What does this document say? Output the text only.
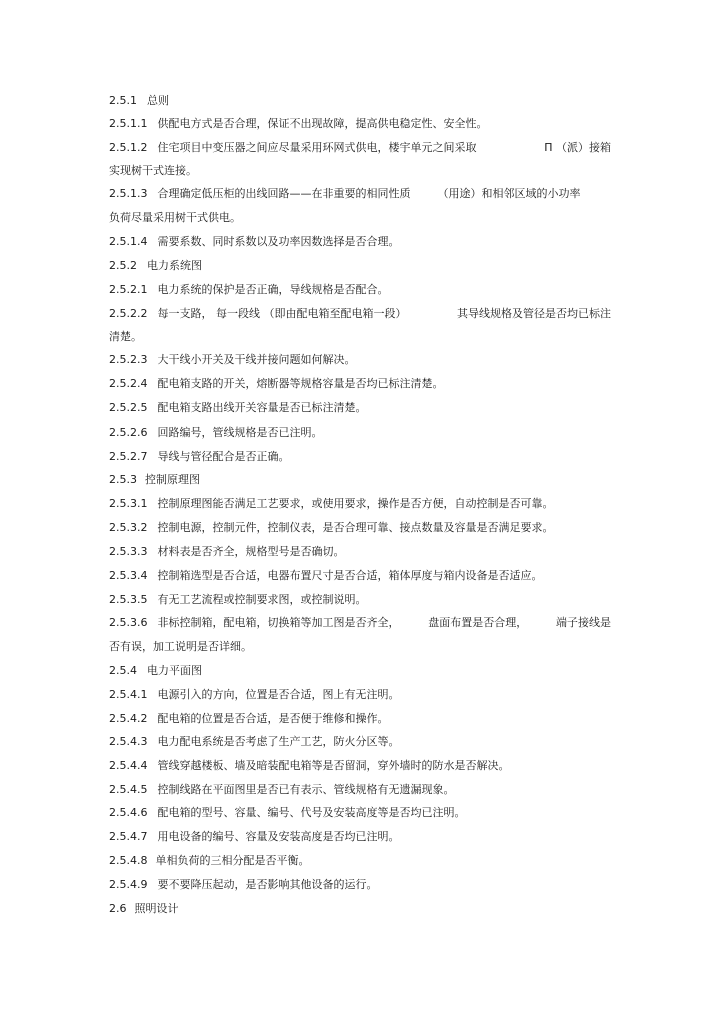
2.5.1 总则
2.5.1.1 供配电方式是否合理，保证不出现故障，提高供电稳定性、安全性。
2.5.1.2 住宅项目中变压器之间应尽量采用环网式供电，楼宇单元之间采取	П （派）接箱
实现树干式连接。
2.5.1.3 合理确定低压柜的出线回路——在非重要的相同性质 （用途）和相邻区域的小功率
负荷尽量采用树干式供电。
2.5.1.4 需要系数、同时系数以及功率因数选择是否合理。
2.5.2 电力系统图
2.5.2.1 电力系统的保护是否正确，导线规格是否配合。
2.5.2.2 每一支路， 每一段线 （即由配电箱至配电箱一段）	其导线规格及管径是否均已标注
清楚。
2.5.2.3 大干线小开关及干线并接问题如何解决。
2.5.2.4 配电箱支路的开关，熔断器等规格容量是否均已标注清楚。
2.5.2.5 配电箱支路出线开关容量是否已标注清楚。
2.5.2.6 回路编号，管线规格是否已注明。
2.5.2.7 导线与管径配合是否正确。
2.5.3 控制原理图
2.5.3.1 控制原理图能否满足工艺要求，或使用要求，操作是否方便，自动控制是否可靠。
2.5.3.2 控制电源，控制元件，控制仪表，是否合理可靠、接点数量及容量是否满足要求。
2.5.3.3 材料表是否齐全，规格型号是否确切。
2.5.3.4 控制箱选型是否合适，电器布置尺寸是否合适，箱体厚度与箱内设备是否适应。
2.5.3.5 有无工艺流程或控制要求图，或控制说明。
2.5.3.6 非标控制箱，配电箱，切换箱等加工图是否齐全，	盘面布置是否合理，	端子接线是
否有误，加工说明是否详细。
2.5.4 电力平面图
2.5.4.1 电源引入的方向，位置是否合适，图上有无注明。
2.5.4.2 配电箱的位置是否合适，是否便于维修和操作。
2.5.4.3 电力配电系统是否考虑了生产工艺，防火分区等。
2.5.4.4 管线穿越楼板、墙及暗装配电箱等是否留洞，穿外墙时的防水是否解决。
2.5.4.5 控制线路在平面图里是否已有表示、管线规格有无遗漏现象。
2.5.4.6 配电箱的型号、容量、编号、代号及安装高度等是否均已注明。
2.5.4.7 用电设备的编号、容量及安装高度是否均已注明。
2.5.4.8 单相负荷的三相分配是否平衡。
2.5.4.9 要不要降压起动，是否影响其他设备的运行。
2.6 照明设计
